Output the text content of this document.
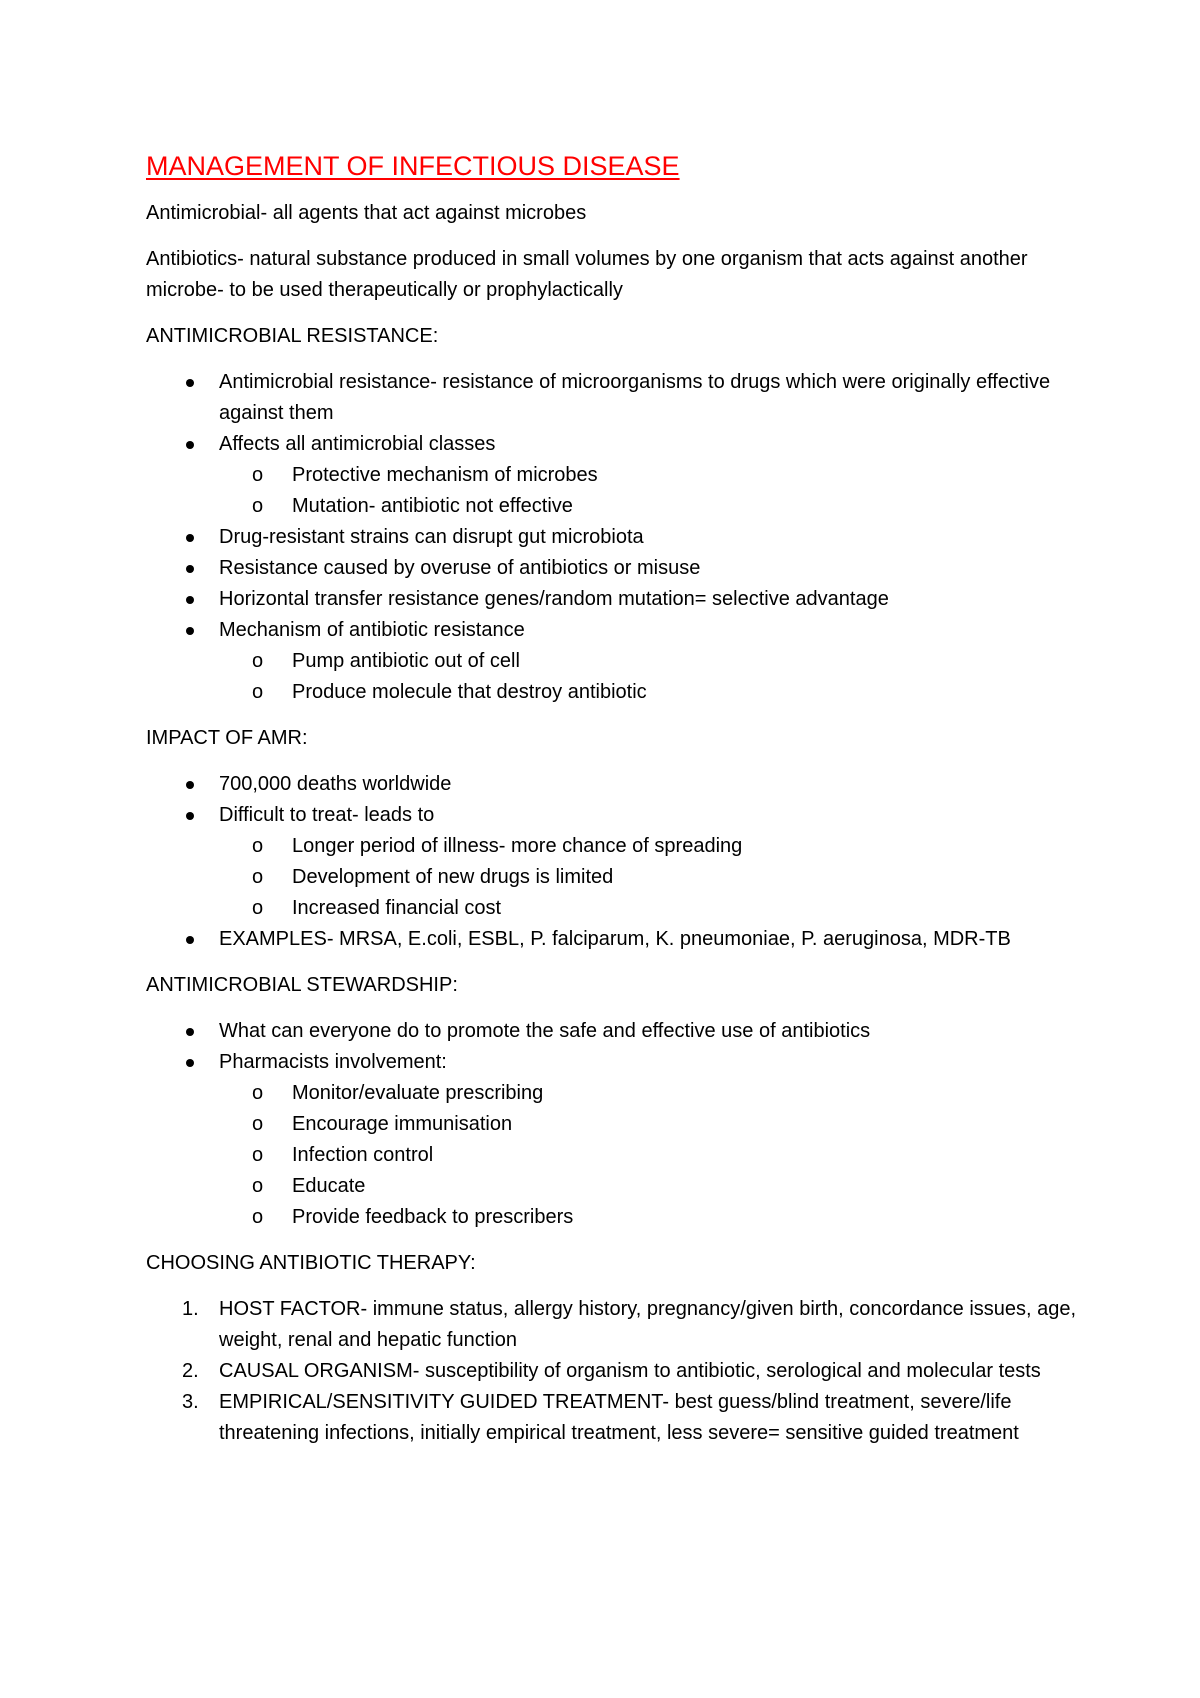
MANAGEMENT OF INFECTIOUS DISEASE

Antimicrobial- all agents that act against microbes

Antibiotics- natural substance produced in small volumes by one organism that acts against another microbe- to be used therapeutically or prophylactically

ANTIMICROBIAL RESISTANCE:
Antimicrobial resistance- resistance of microorganisms to drugs which were originally effective against them
Affects all antimicrobial classes
o Protective mechanism of microbes
o Mutation- antibiotic not effective
Drug-resistant strains can disrupt gut microbiota
Resistance caused by overuse of antibiotics or misuse
Horizontal transfer resistance genes/random mutation= selective advantage
Mechanism of antibiotic resistance
o Pump antibiotic out of cell
o Produce molecule that destroy antibiotic
IMPACT OF AMR:
700,000 deaths worldwide
Difficult to treat- leads to
o Longer period of illness- more chance of spreading
o Development of new drugs is limited
o Increased financial cost
EXAMPLES- MRSA, E.coli, ESBL, P. falciparum, K. pneumoniae, P. aeruginosa, MDR-TB
ANTIMICROBIAL STEWARDSHIP:
What can everyone do to promote the safe and effective use of antibiotics
Pharmacists involvement:
o Monitor/evaluate prescribing
o Encourage immunisation
o Infection control
o Educate
o Provide feedback to prescribers
CHOOSING ANTIBIOTIC THERAPY:
1. HOST FACTOR- immune status, allergy history, pregnancy/given birth, concordance issues, age, weight, renal and hepatic function
2. CAUSAL ORGANISM- susceptibility of organism to antibiotic, serological and molecular tests
3. EMPIRICAL/SENSITIVITY GUIDED TREATMENT- best guess/blind treatment, severe/life threatening infections, initially empirical treatment, less severe= sensitive guided treatment
